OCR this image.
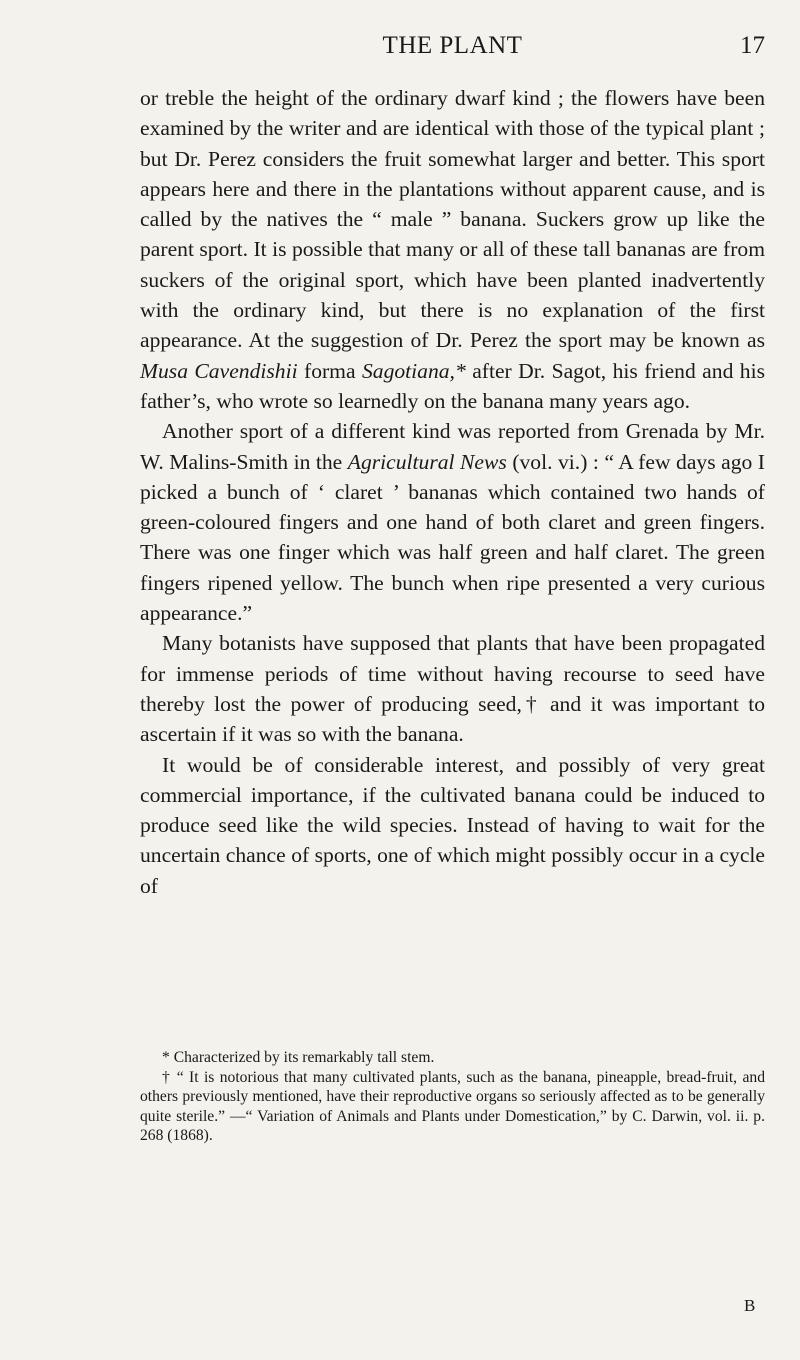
THE PLANT	17

or treble the height of the ordinary dwarf kind ; the flowers have been examined by the writer and are identical with those of the typical plant ; but Dr. Perez considers the fruit somewhat larger and better. This sport appears here and there in the plantations without apparent cause, and is called by the natives the “ male ” banana. Suckers grow up like the parent sport. It is possible that many or all of these tall bananas are from suckers of the original sport, which have been planted inadvertently with the ordinary kind, but there is no explanation of the first appearance. At the suggestion of Dr. Perez the sport may be known as Musa Cavendishii forma Sagotiana,* after Dr. Sagot, his friend and his father’s, who wrote so learnedly on the banana many years ago.

Another sport of a different kind was reported from Grenada by Mr. W. Malins-Smith in the Agricultural News (vol. vi.) : “ A few days ago I picked a bunch of ‘ claret ’ bananas which contained two hands of green-coloured fingers and one hand of both claret and green fingers. There was one finger which was half green and half claret. The green fingers ripened yellow. The bunch when ripe presented a very curious appearance.”

Many botanists have supposed that plants that have been propagated for immense periods of time without having recourse to seed have thereby lost the power of producing seed,† and it was important to ascertain if it was so with the banana.

It would be of considerable interest, and possibly of very great commercial importance, if the cultivated banana could be induced to produce seed like the wild species. Instead of having to wait for the uncertain chance of sports, one of which might possibly occur in a cycle of

* Characterized by its remarkably tall stem.

† “ It is notorious that many cultivated plants, such as the banana, pineapple, bread-fruit, and others previously mentioned, have their reproductive organs so seriously affected as to be generally quite sterile.” —“ Variation of Animals and Plants under Domestication,” by C. Darwin, vol. ii. p. 268 (1868).

B
